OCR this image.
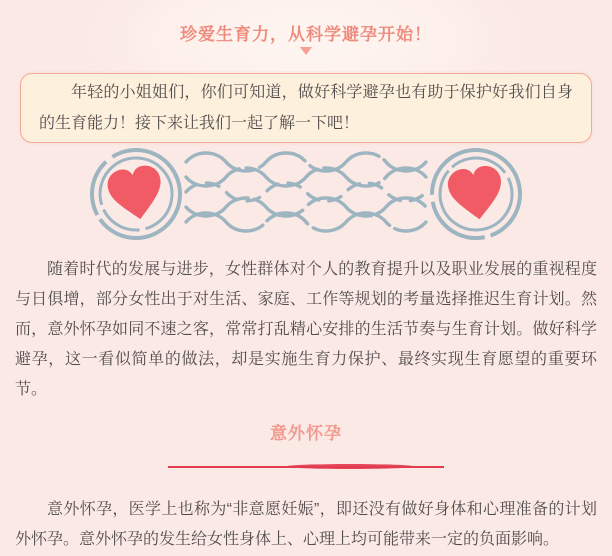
珍爱生育力，从科学避孕开始！
年轻的小姐姐们，你们可知道，做好科学避孕也有助于保护好我们自身的生育能力！接下来让我们一起了解一下吧！

随着时代的发展与进步，女性群体对个人的教育提升以及职业发展的重视程度与日俱增，部分女性出于对生活、家庭、工作等规划的考量选择推迟生育计划。然而，意外怀孕如同不速之客，常常打乱精心安排的生活节奏与生育计划。做好科学避孕，这一看似简单的做法，却是实施生育力保护、最终实现生育愿望的重要环节。

意外怀孕

意外怀孕，医学上也称为“非意愿妊娠”，即还没有做好身体和心理准备的计划外怀孕。意外怀孕的发生给女性身体上、心理上均可能带来一定的负面影响。
